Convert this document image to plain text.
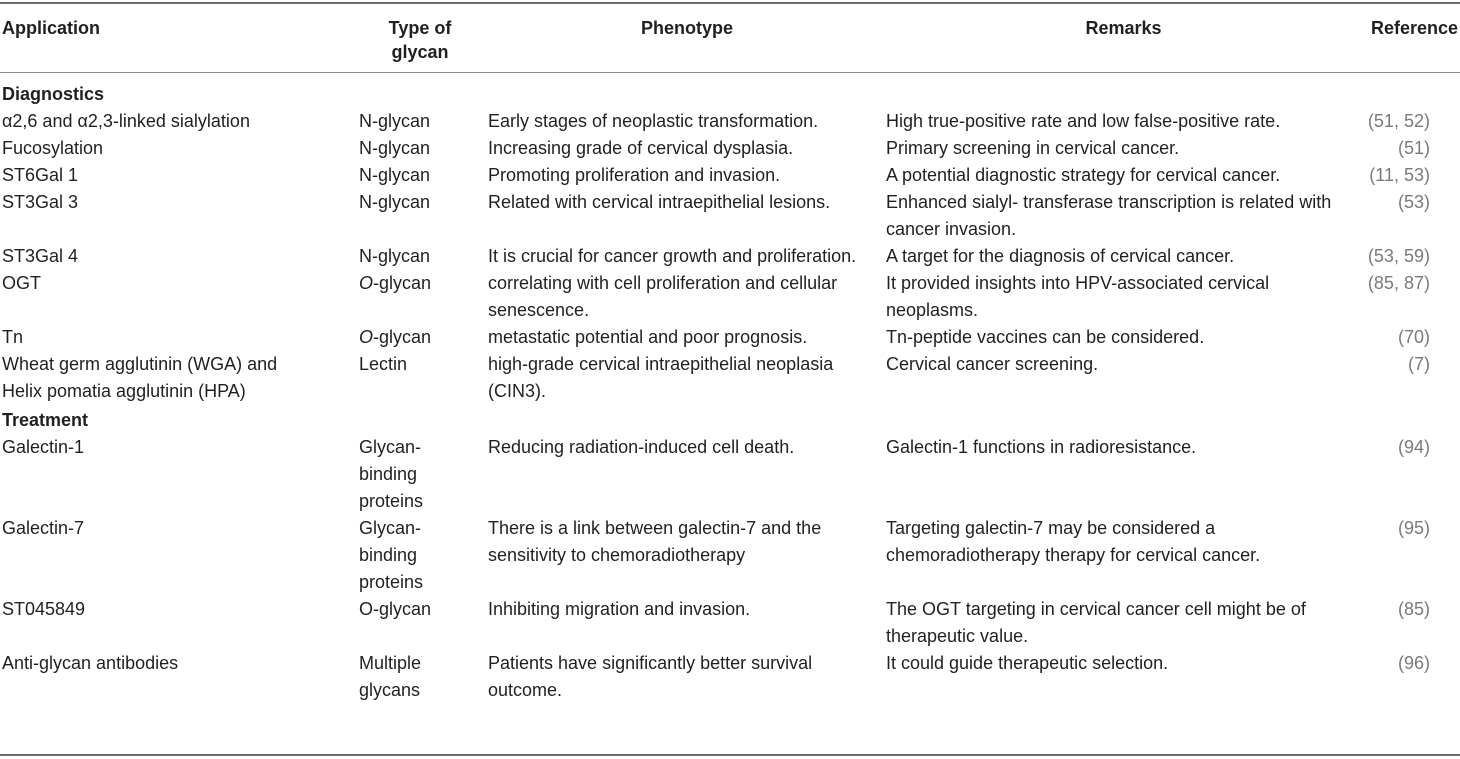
Application	Type of glycan	Phenotype	Remarks	Reference
Diagnostics				

α2,6 and α2,3-linked sialylation	N-glycan	Early stages of neoplastic transformation.	High true-positive rate and low false-positive rate.	(51, 52)

Fucosylation	N-glycan	Increasing grade of cervical dysplasia.	Primary screening in cervical cancer.	(51)

ST6Gal 1	N-glycan	Promoting proliferation and invasion.	A potential diagnostic strategy for cervical cancer.	(11, 53)

ST3Gal 3	N-glycan	Related with cervical intraepithelial lesions.	Enhanced sialyl- transferase transcription is related with cancer invasion.	(53)

ST3Gal 4	N-glycan	It is crucial for cancer growth and proliferation.	A target for the diagnosis of cervical cancer.	(53, 59)

OGT	O-glycan	correlating with cell proliferation and cellular senescence.	It provided insights into HPV-associated cervical neoplasms.	(85, 87)

Tn	O-glycan	metastatic potential and poor prognosis.	Tn-peptide vaccines can be considered.	(70)

Wheat germ agglutinin (WGA) and Helix pomatia agglutinin (HPA)	Lectin	high-grade cervical intraepithelial neoplasia (CIN3).	Cervical cancer screening.	(7)
Treatment				

Galectin-1	Glycan-binding proteins	Reducing radiation-induced cell death.	Galectin-1 functions in radioresistance.	(94)

Galectin-7	Glycan-binding proteins	There is a link between galectin-7 and the sensitivity to chemoradiotherapy	Targeting galectin-7 may be considered a chemoradiotherapy therapy for cervical cancer.	(95)

ST045849	O-glycan	Inhibiting migration and invasion.	The OGT targeting in cervical cancer cell might be of therapeutic value.	(85)

Anti-glycan antibodies	Multiple glycans	Patients have significantly better survival outcome.	It could guide therapeutic selection.	(96)
